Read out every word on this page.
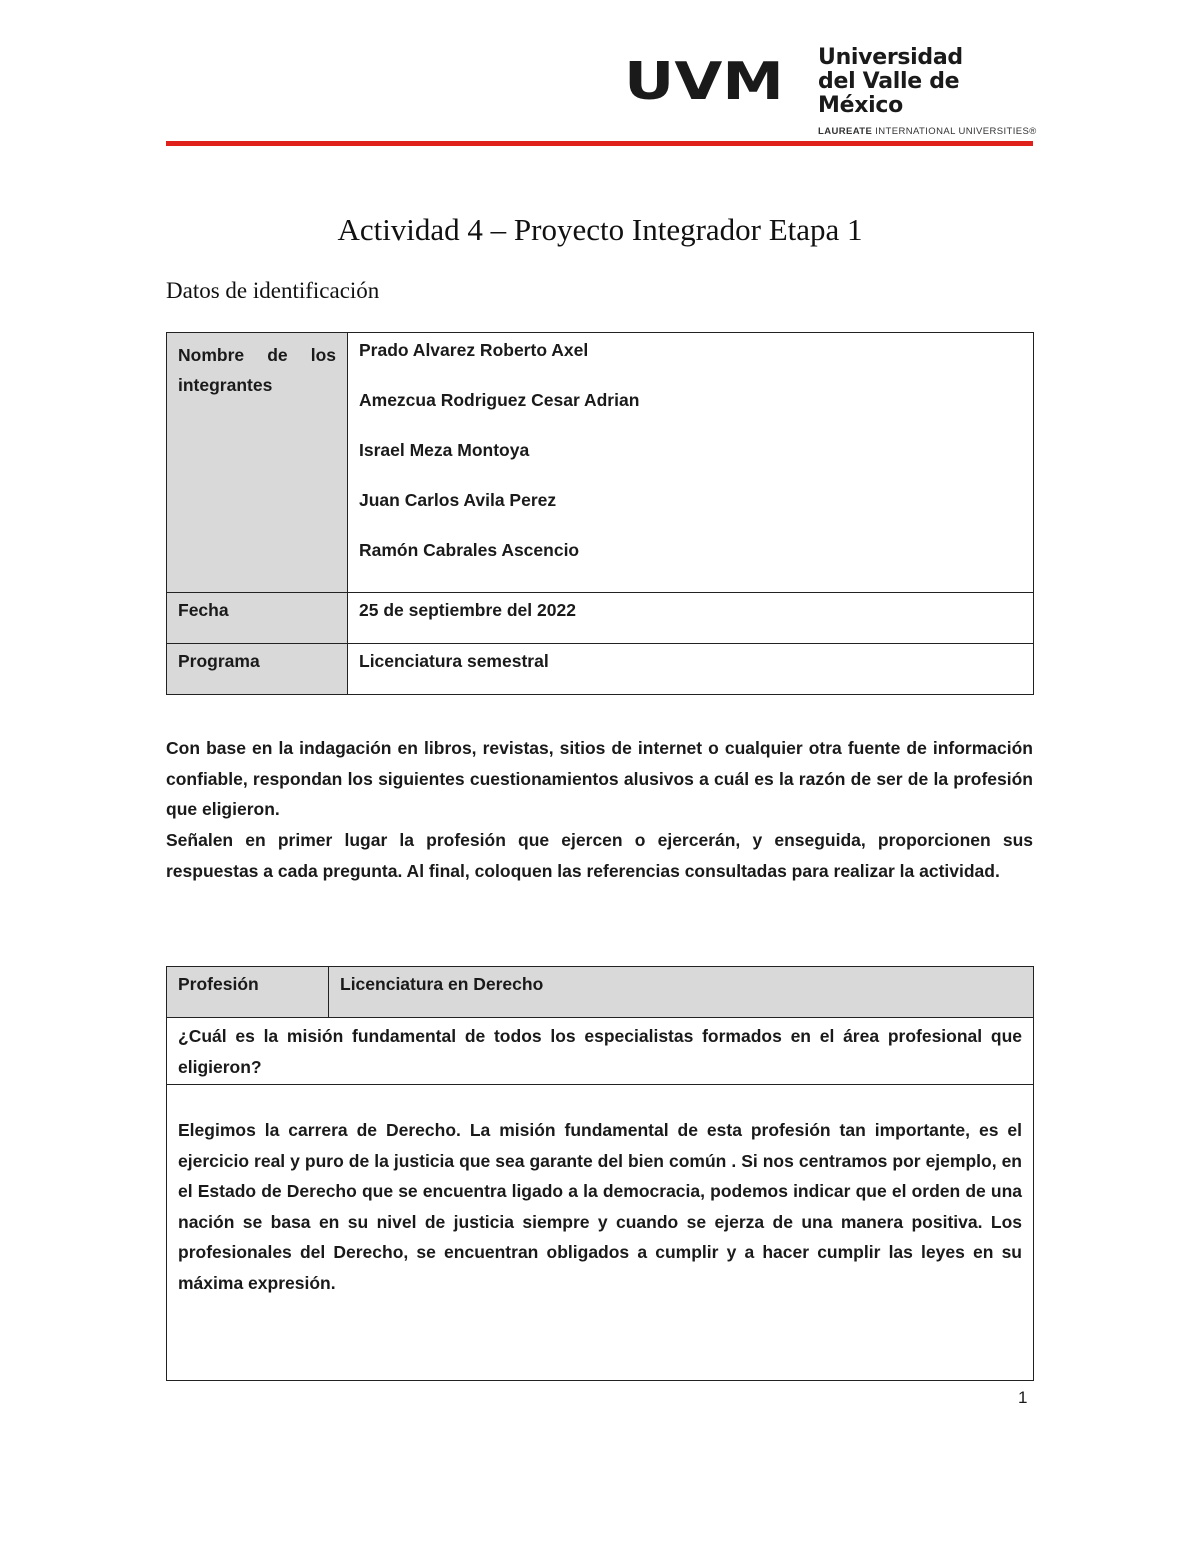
UVM Universidad
del Valle de México
LAUREATE INTERNATIONAL UNIVERSITIES®
Actividad 4 – Proyecto Integrador Etapa 1
Datos de identificación
Nombre de los integrantes	Prado Alvarez Roberto Axel
Amezcua Rodriguez Cesar Adrian
Israel Meza Montoya
Juan Carlos Avila Perez
Ramón Cabrales Ascencio

Fecha	25 de septiembre del 2022
Programa	Licenciatura semestral
Con base en la indagación en libros, revistas, sitios de internet o cualquier otra fuente de información confiable, respondan los siguientes cuestionamientos alusivos a cuál es la razón de ser de la profesión que eligieron.
Señalen en primer lugar la profesión que ejercen o ejercerán, y enseguida, proporcionen sus respuestas a cada pregunta. Al final, coloquen las referencias consultadas para realizar la actividad.
Profesión	Licenciatura en Derecho
¿Cuál es la misión fundamental de todos los especialistas formados en el área profesional que eligieron?
Elegimos la carrera de Derecho. La misión fundamental de esta profesión tan importante, es el ejercicio real y puro de la justicia que sea garante del bien común . Si nos centramos por ejemplo, en el Estado de Derecho que se encuentra ligado a la democracia, podemos indicar que el orden de una nación se basa en su nivel de justicia siempre y cuando se ejerza de una manera positiva. Los profesionales del Derecho, se encuentran obligados a cumplir y a hacer cumplir las leyes en su máxima expresión.
1
